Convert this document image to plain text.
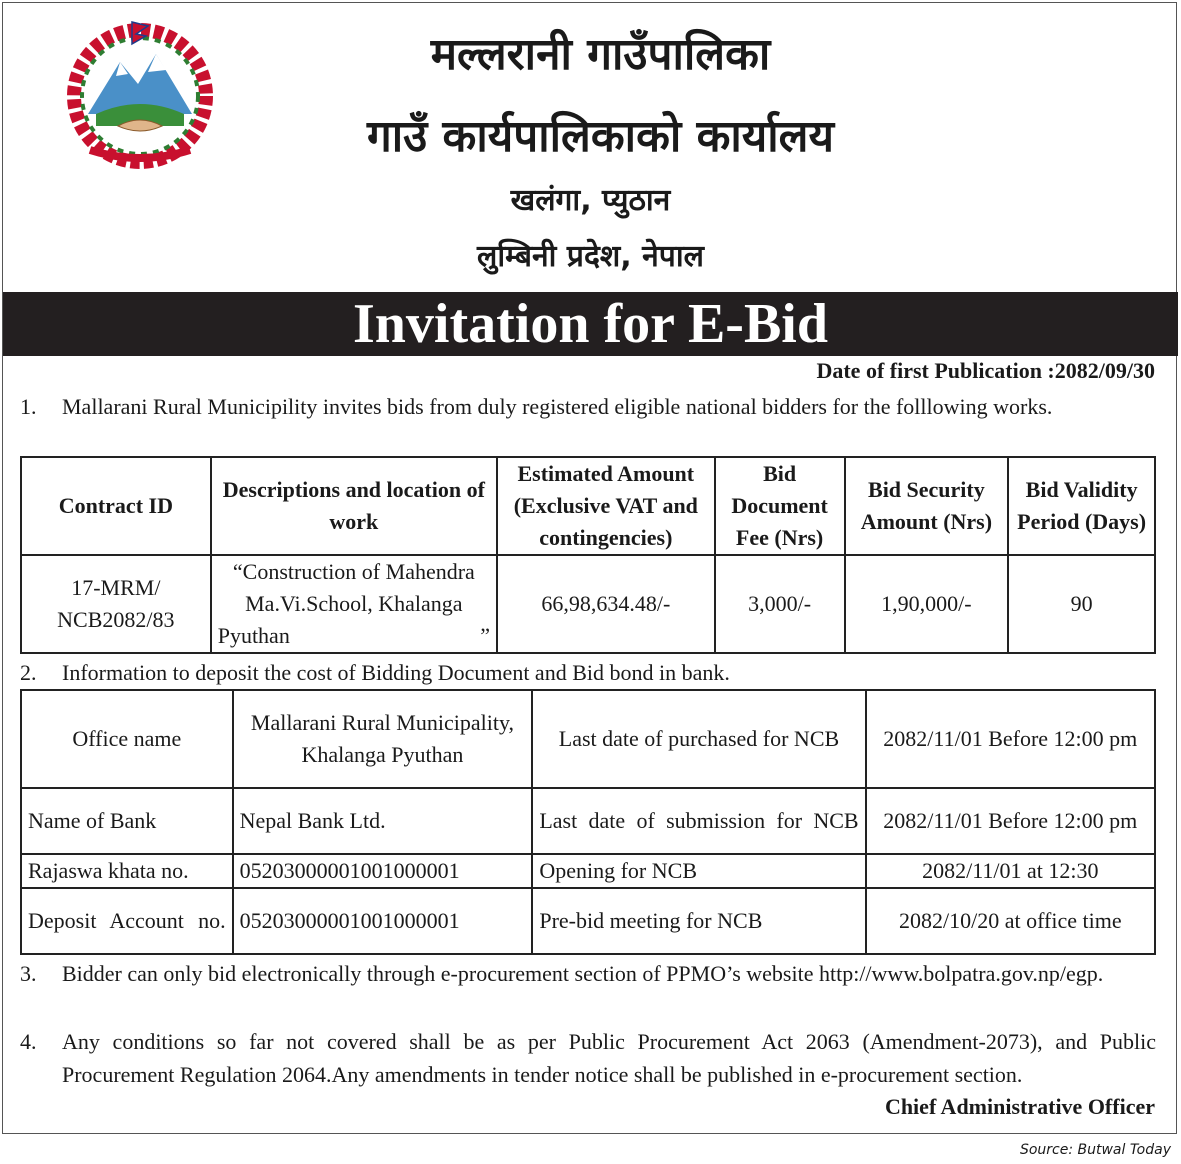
​
मल्लरानी गाउँपालिका
गाउँ कार्यपालिकाको कार्यालय
खलंगा, प्युठान
लुम्बिनी प्रदेश, नेपाल
Invitation for E-Bid
Date of first Publication :2082/09/30
1.	Mallarani Rural Municipility invites bids from duly registered eligible national bidders for the folllowing works.
Contract ID	Descriptions and location of work	Estimated Amount (Exclusive VAT and contingencies)	Bid Document Fee (Nrs)	Bid Security Amount (Nrs)	Bid Validity Period (Days)
17-MRM/ NCB2082/83	“Construction of Mahendra Ma.Vi.School, Khalanga Pyuthan ”	66,98,634.48/-	3,000/-	1,90,000/-	90
2.	Information to deposit the cost of Bidding Document and Bid bond in bank.
Office name	Mallarani Rural Municipality, Khalanga Pyuthan	Last date of purchased for NCB	2082/11/01 Before 12:00 pm
Name of Bank	Nepal Bank Ltd.	Last date of submission for NCB	2082/11/01 Before 12:00 pm
Rajaswa khata no.	05203000001001000001	Opening for NCB	2082/11/01 at 12:30
Deposit Account no.	05203000001001000001	Pre-bid meeting for NCB	2082/10/20 at office time
3.	Bidder can only bid electronically through e-procurement section of PPMO’s website http://www.bolpatra.gov.np/egp.
4.	Any conditions so far not covered shall be as per Public Procurement Act 2063 (Amendment-2073), and Public Procurement Regulation 2064.Any amendments in tender notice shall be published in e-procurement section.
Chief Administrative Officer
Source: Butwal Today
